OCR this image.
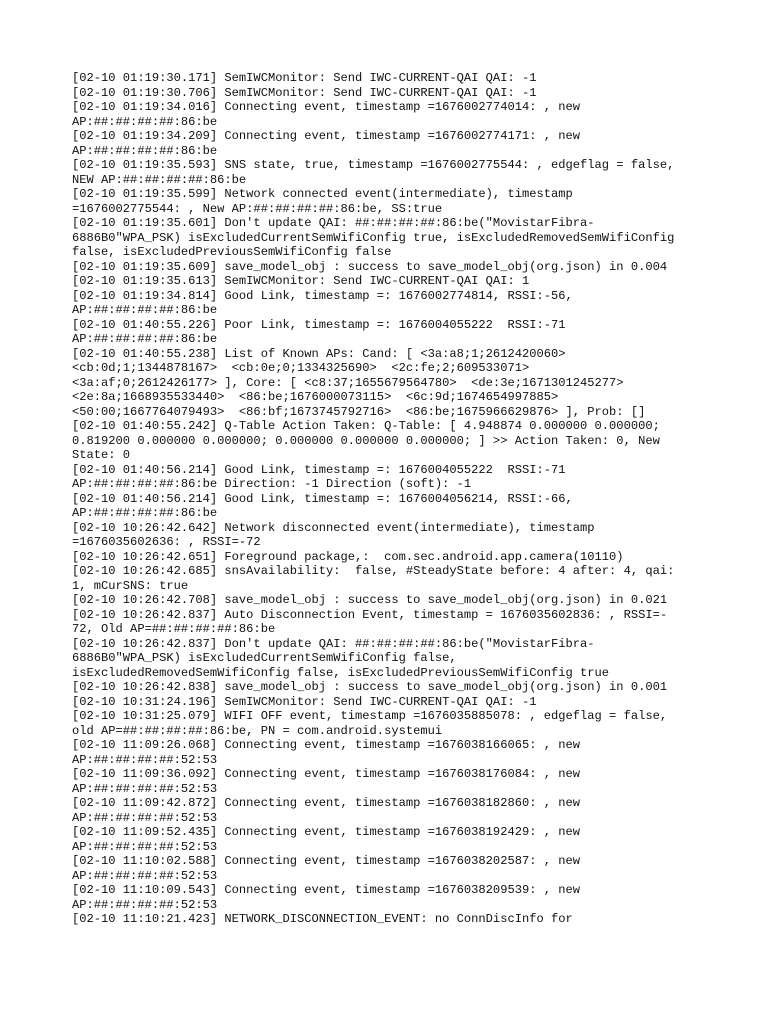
[02-10 01:19:30.171] SemIWCMonitor: Send IWC-CURRENT-QAI QAI: -1

[02-10 01:19:30.706] SemIWCMonitor: Send IWC-CURRENT-QAI QAI: -1

[02-10 01:19:34.016] Connecting event, timestamp =1676002774014: , new

AP:##:##:##:##:86:be

[02-10 01:19:34.209] Connecting event, timestamp =1676002774171: , new

AP:##:##:##:##:86:be

[02-10 01:19:35.593] SNS state, true, timestamp =1676002775544: , edgeflag = false,

NEW AP:##:##:##:##:86:be

[02-10 01:19:35.599] Network connected event(intermediate), timestamp

=1676002775544: , New AP:##:##:##:##:86:be, SS:true

[02-10 01:19:35.601] Don't update QAI: ##:##:##:##:86:be("MovistarFibra-

6886B0"WPA_PSK) isExcludedCurrentSemWifiConfig true, isExcludedRemovedSemWifiConfig

false, isExcludedPreviousSemWifiConfig false

[02-10 01:19:35.609] save_model_obj : success to save_model_obj(org.json) in 0.004

[02-10 01:19:35.613] SemIWCMonitor: Send IWC-CURRENT-QAI QAI: 1

[02-10 01:19:34.814] Good Link, timestamp =: 1676002774814, RSSI:-56,

AP:##:##:##:##:86:be

[02-10 01:40:55.226] Poor Link, timestamp =: 1676004055222  RSSI:-71

AP:##:##:##:##:86:be

[02-10 01:40:55.238] List of Known APs: Cand: [ <3a:a8;1;2612420060>

<cb:0d;1;1344878167>  <cb:0e;0;1334325690>  <2c:fe;2;609533071>

<3a:af;0;2612426177> ], Core: [ <c8:37;1655679564780>  <de:3e;1671301245277>

<2e:8a;1668935533440>  <86:be;1676000073115>  <6c:9d;1674654997885>

<50:00;1667764079493>  <86:bf;1673745792716>  <86:be;1675966629876> ], Prob: []

[02-10 01:40:55.242] Q-Table Action Taken: Q-Table: [ 4.948874 0.000000 0.000000;

0.819200 0.000000 0.000000; 0.000000 0.000000 0.000000; ] >> Action Taken: 0, New

State: 0

[02-10 01:40:56.214] Good Link, timestamp =: 1676004055222  RSSI:-71

AP:##:##:##:##:86:be Direction: -1 Direction (soft): -1

[02-10 01:40:56.214] Good Link, timestamp =: 1676004056214, RSSI:-66,

AP:##:##:##:##:86:be

[02-10 10:26:42.642] Network disconnected event(intermediate), timestamp

=1676035602636: , RSSI=-72

[02-10 10:26:42.651] Foreground package,:  com.sec.android.app.camera(10110)

[02-10 10:26:42.685] snsAvailability:  false, #SteadyState before: 4 after: 4, qai:

1, mCurSNS: true

[02-10 10:26:42.708] save_model_obj : success to save_model_obj(org.json) in 0.021

[02-10 10:26:42.837] Auto Disconnection Event, timestamp = 1676035602836: , RSSI=-

72, Old AP=##:##:##:##:86:be

[02-10 10:26:42.837] Don't update QAI: ##:##:##:##:86:be("MovistarFibra-

6886B0"WPA_PSK) isExcludedCurrentSemWifiConfig false,

isExcludedRemovedSemWifiConfig false, isExcludedPreviousSemWifiConfig true

[02-10 10:26:42.838] save_model_obj : success to save_model_obj(org.json) in 0.001

[02-10 10:31:24.196] SemIWCMonitor: Send IWC-CURRENT-QAI QAI: -1

[02-10 10:31:25.079] WIFI OFF event, timestamp =1676035885078: , edgeflag = false,

old AP=##:##:##:##:86:be, PN = com.android.systemui

[02-10 11:09:26.068] Connecting event, timestamp =1676038166065: , new

AP:##:##:##:##:52:53

[02-10 11:09:36.092] Connecting event, timestamp =1676038176084: , new

AP:##:##:##:##:52:53

[02-10 11:09:42.872] Connecting event, timestamp =1676038182860: , new

AP:##:##:##:##:52:53

[02-10 11:09:52.435] Connecting event, timestamp =1676038192429: , new

AP:##:##:##:##:52:53

[02-10 11:10:02.588] Connecting event, timestamp =1676038202587: , new

AP:##:##:##:##:52:53

[02-10 11:10:09.543] Connecting event, timestamp =1676038209539: , new

AP:##:##:##:##:52:53

[02-10 11:10:21.423] NETWORK_DISCONNECTION_EVENT: no ConnDiscInfo for
